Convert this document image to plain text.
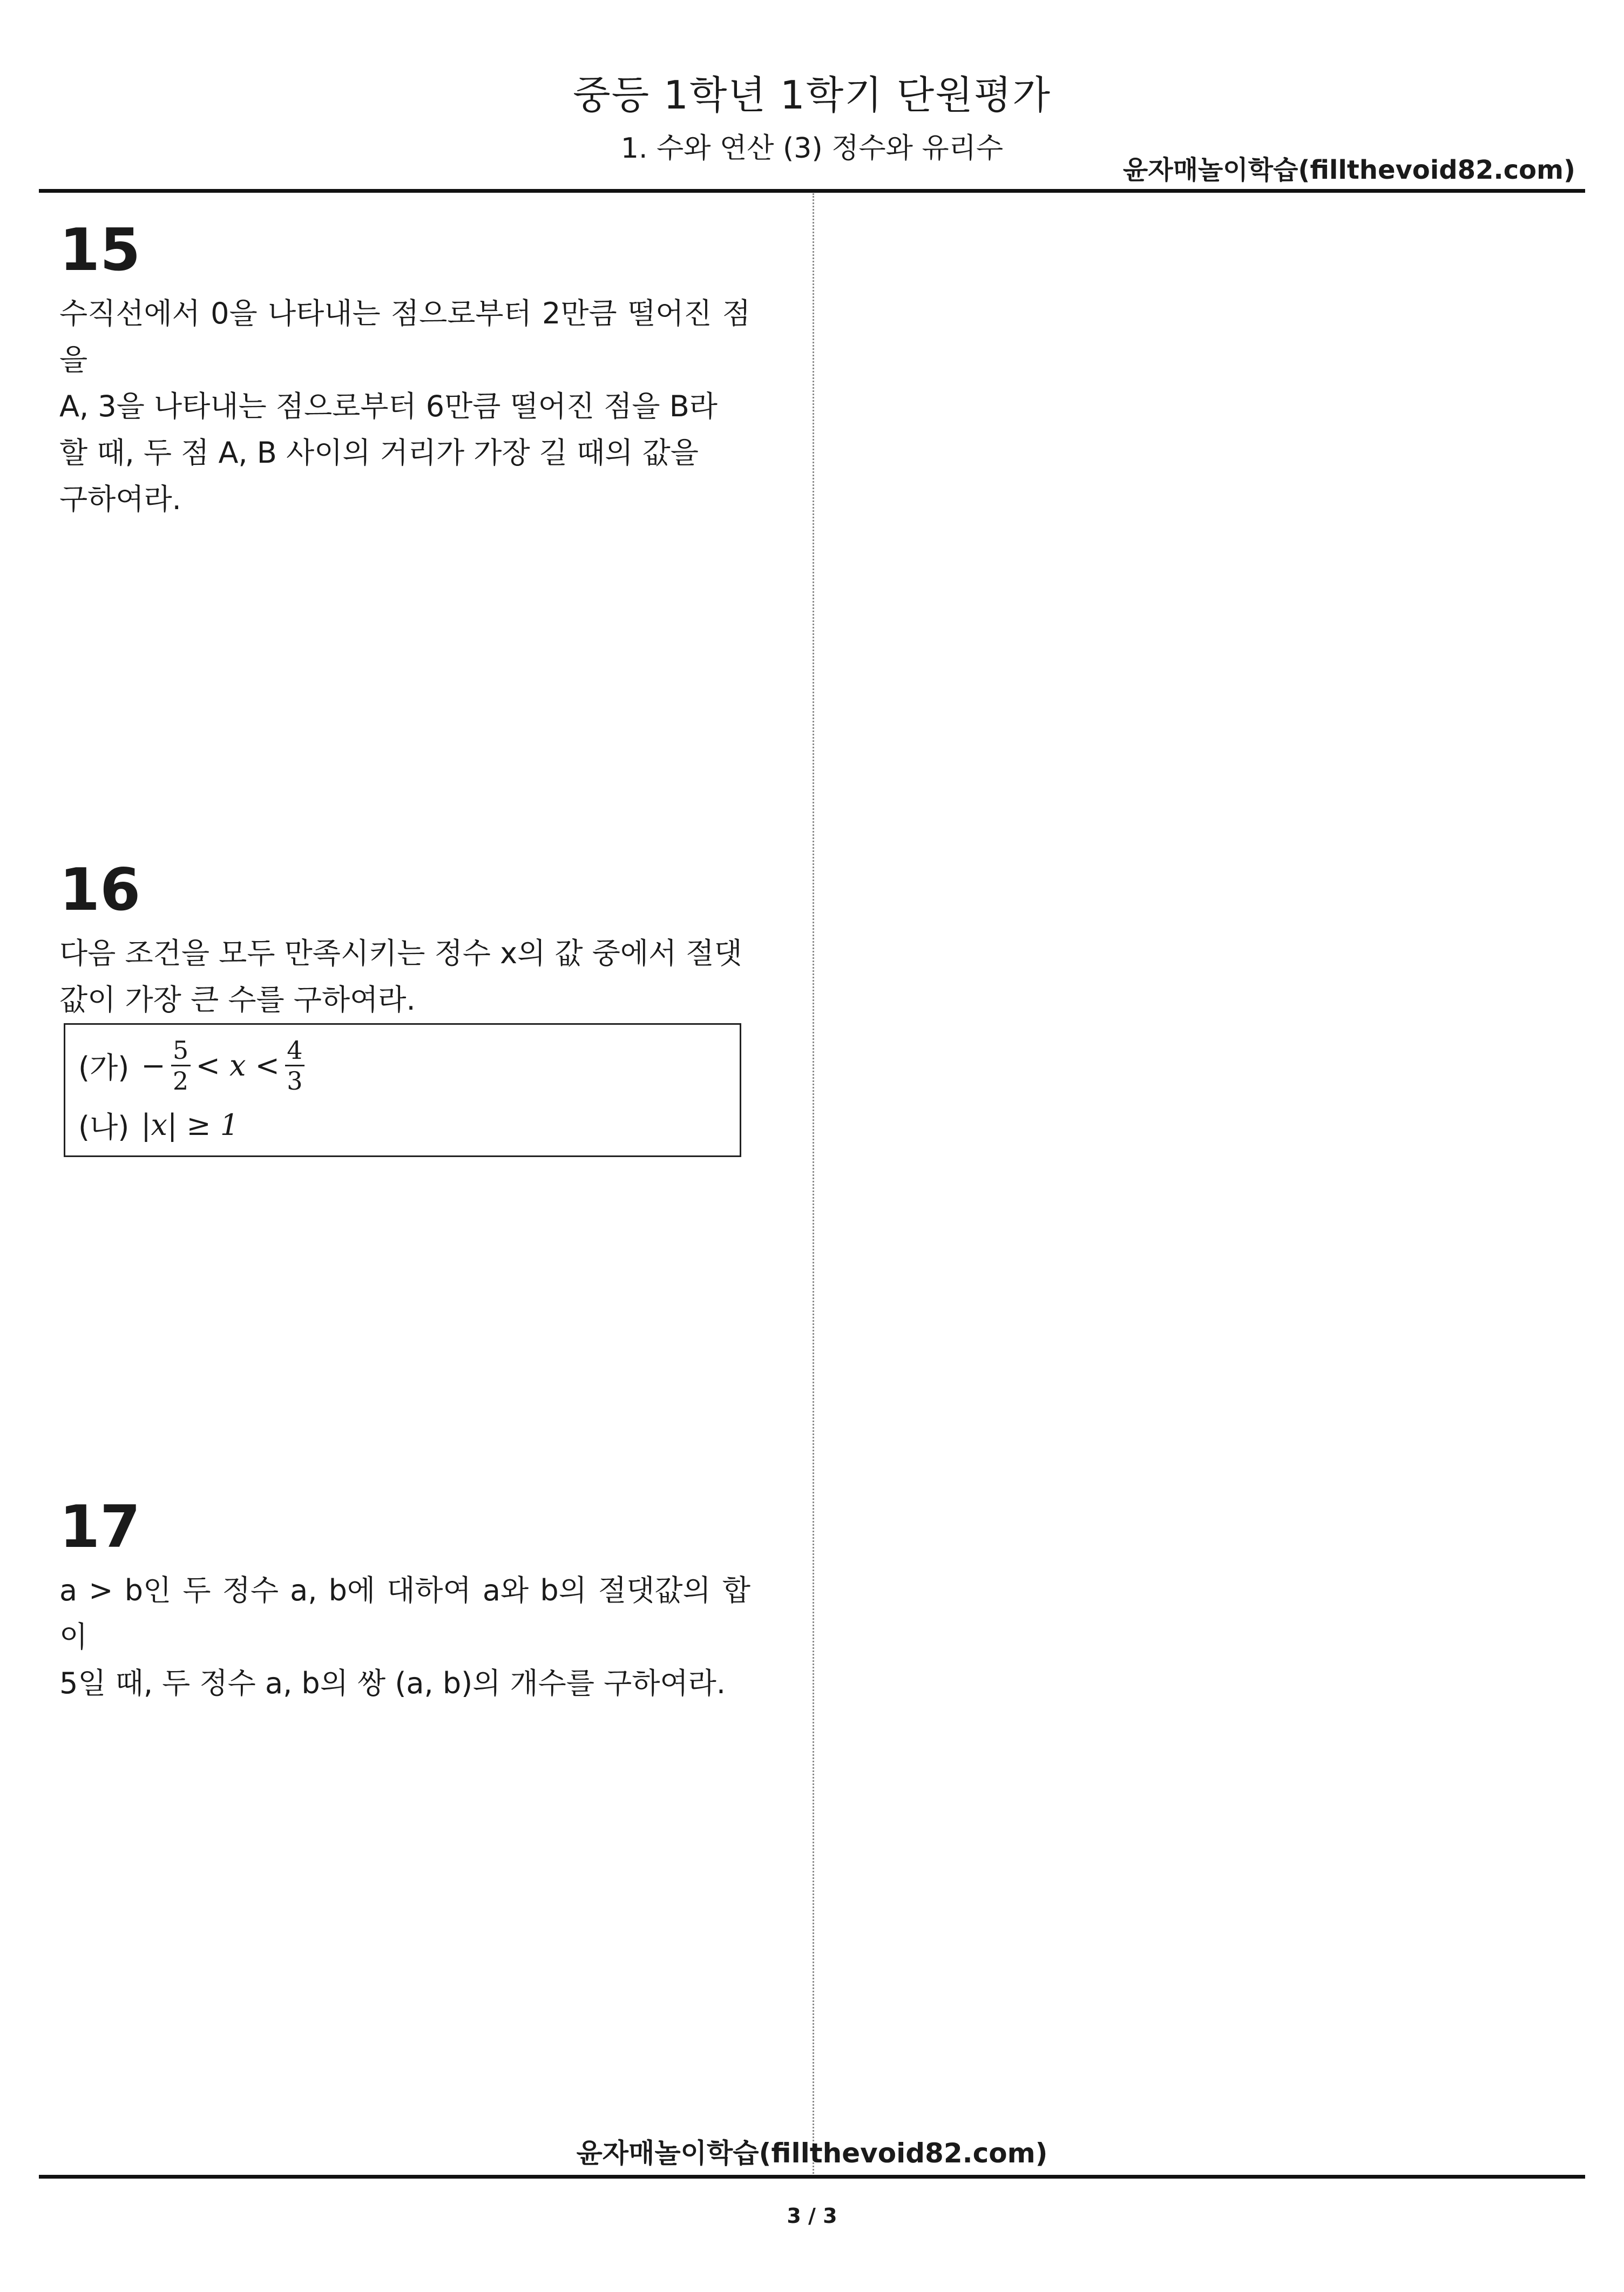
중등 1학년 1학기 단원평가
1. 수와 연산 (3) 정수와 유리수
윤자매놀이학습(fillthevoid82.com)
15
수직선에서 0을 나타내는 점으로부터 2만큼 떨어진 점을
A, 3을 나타내는 점으로부터 6만큼 떨어진 점을 B라
할 때, 두 점 A, B 사이의 거리가 가장 길 때의 값을
구하여라.
16
다음 조건을 모두 만족시키는 정수 x의 값 중에서 절댓
값이 가장 큰 수를 구하여라.
(가) − $\frac{5}{2} < x < \frac{4}{3}$
(나) |x| ≥ 1
17
a > b인 두 정수 a, b에 대하여 a와 b의 절댓값의 합이
5일 때, 두 정수 a, b의 쌍 (a, b)의 개수를 구하여라.
윤자매놀이학습(fillthevoid82.com)
3 / 3
